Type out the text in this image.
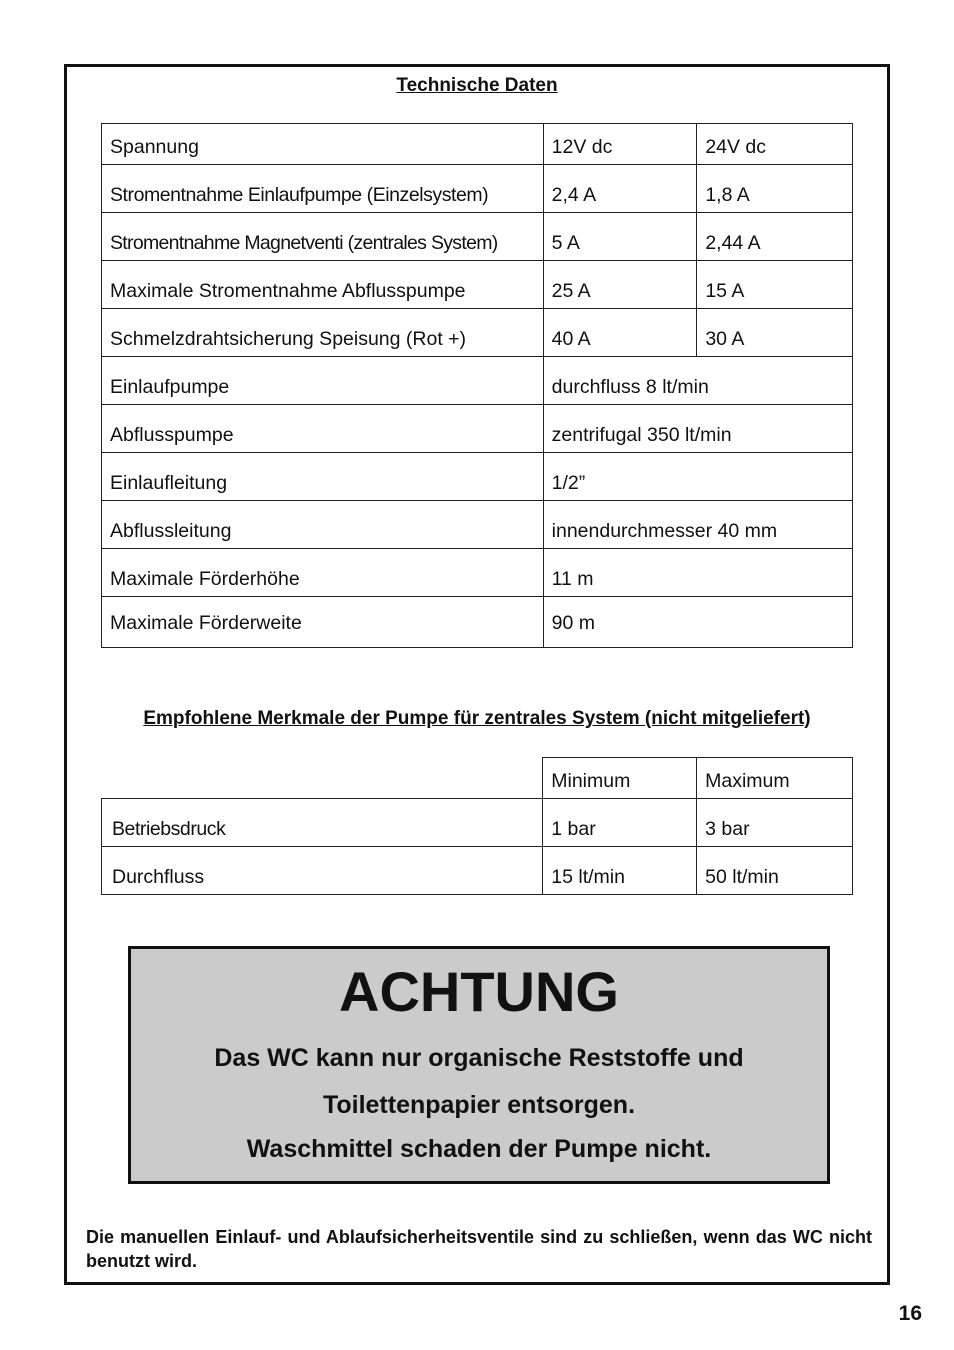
Technische Daten
Spannung	12V dc	24V dc
Stromentnahme Einlaufpumpe (Einzelsystem)	2,4 A	1,8 A
Stromentnahme Magnetventi (zentrales System)	5 A	2,44 A
Maximale Stromentnahme Abflusspumpe	25 A	15 A
Schmelzdrahtsicherung Speisung (Rot +)	40 A	30 A
Einlaufpumpe	durchfluss 8 lt/min	
Abflusspumpe	zentrifugal 350 lt/min	
Einlaufleitung	1/2”	
Abflussleitung	innendurchmesser 40 mm	
Maximale Förderhöhe	11 m	
Maximale Förderweite	90 m	
Empfohlene Merkmale der Pumpe für zentrales System (nicht mitgeliefert)
	Minimum	Maximum
Betriebsdruck	1 bar	3 bar
Durchfluss	15 lt/min	50 lt/min
ACHTUNG
Das WC kann nur organische Reststoffe und
Toilettenpapier entsorgen.
Waschmittel schaden der Pumpe nicht.
Die manuellen Einlauf- und Ablaufsicherheitsventile sind zu schließen, wenn das WC nicht benutzt wird.
16
